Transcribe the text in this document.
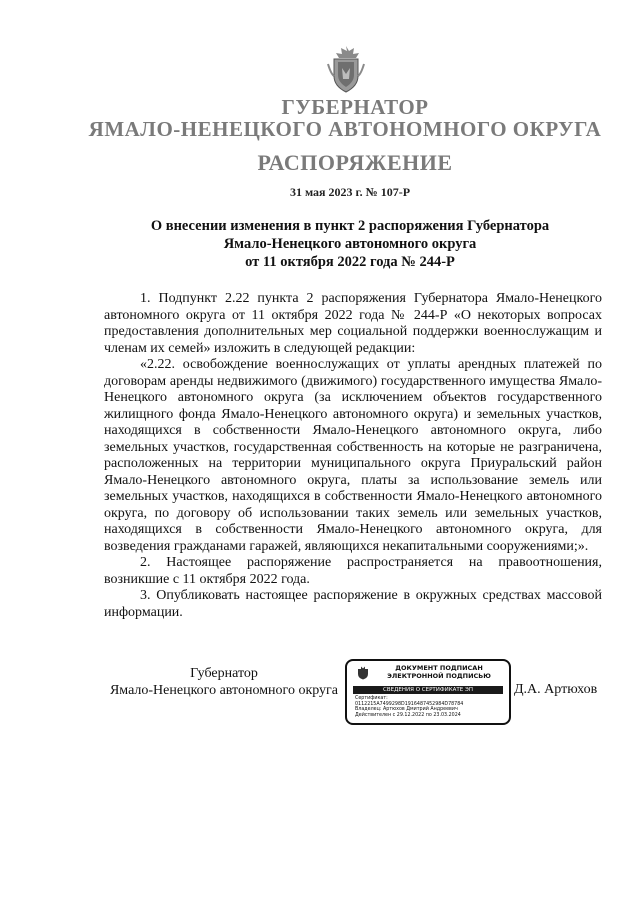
ГУБЕРНАТОР
ЯМАЛО-НЕНЕЦКОГО АВТОНОМНОГО ОКРУГА
РАСПОРЯЖЕНИЕ
31 мая 2023 г. № 107-Р
О внесении изменения в пункт 2 распоряжения Губернатора
Ямало-Ненецкого автономного округа
от 11 октября 2022 года № 244-Р

1. Подпункт 2.22 пункта 2 распоряжения Губернатора Ямало-Ненецкого автономного округа от 11 октября 2022 года № 244-Р «О некоторых вопросах предоставления дополнительных мер социальной поддержки военнослужащим и членам их семей» изложить в следующей редакции:

«2.22. освобождение военнослужащих от уплаты арендных платежей по договорам аренды недвижимого (движимого) государственного имущества Ямало-Ненецкого автономного округа (за исключением объектов государственного жилищного фонда Ямало-Ненецкого автономного округа) и земельных участков, находящихся в собственности Ямало-Ненецкого автономного округа, либо земельных участков, государственная собственность на которые не разграничена, расположенных на территории муниципального округа Приуральский район Ямало-Ненецкого автономного округа, платы за использование земель или земельных участков, находящихся в собственности Ямало-Ненецкого автономного округа, по договору об использовании таких земель или земельных участков, находящихся в собственности Ямало-Ненецкого автономного округа, для возведения гражданами гаражей, являющихся некапитальными сооружениями;».

2. Настоящее распоряжение распространяется на правоотношения, возникшие с 11 октября 2022 года.

3. Опубликовать настоящее распоряжение в окружных средствах массовой информации.

Губернатор
Ямало-Ненецкого автономного округа
ДОКУМЕНТ ПОДПИСАН
ЭЛЕКТРОННОЙ ПОДПИСЬЮ
СВЕДЕНИЯ О СЕРТИФИКАТЕ ЭП
Сертификат:
0112215A7499298D1916487452984D78784
Владелец: Артюхов Дмитрий Андреевич
Действителен с 29.12.2022 по 23.03.2024
Д.А. Артюхов
